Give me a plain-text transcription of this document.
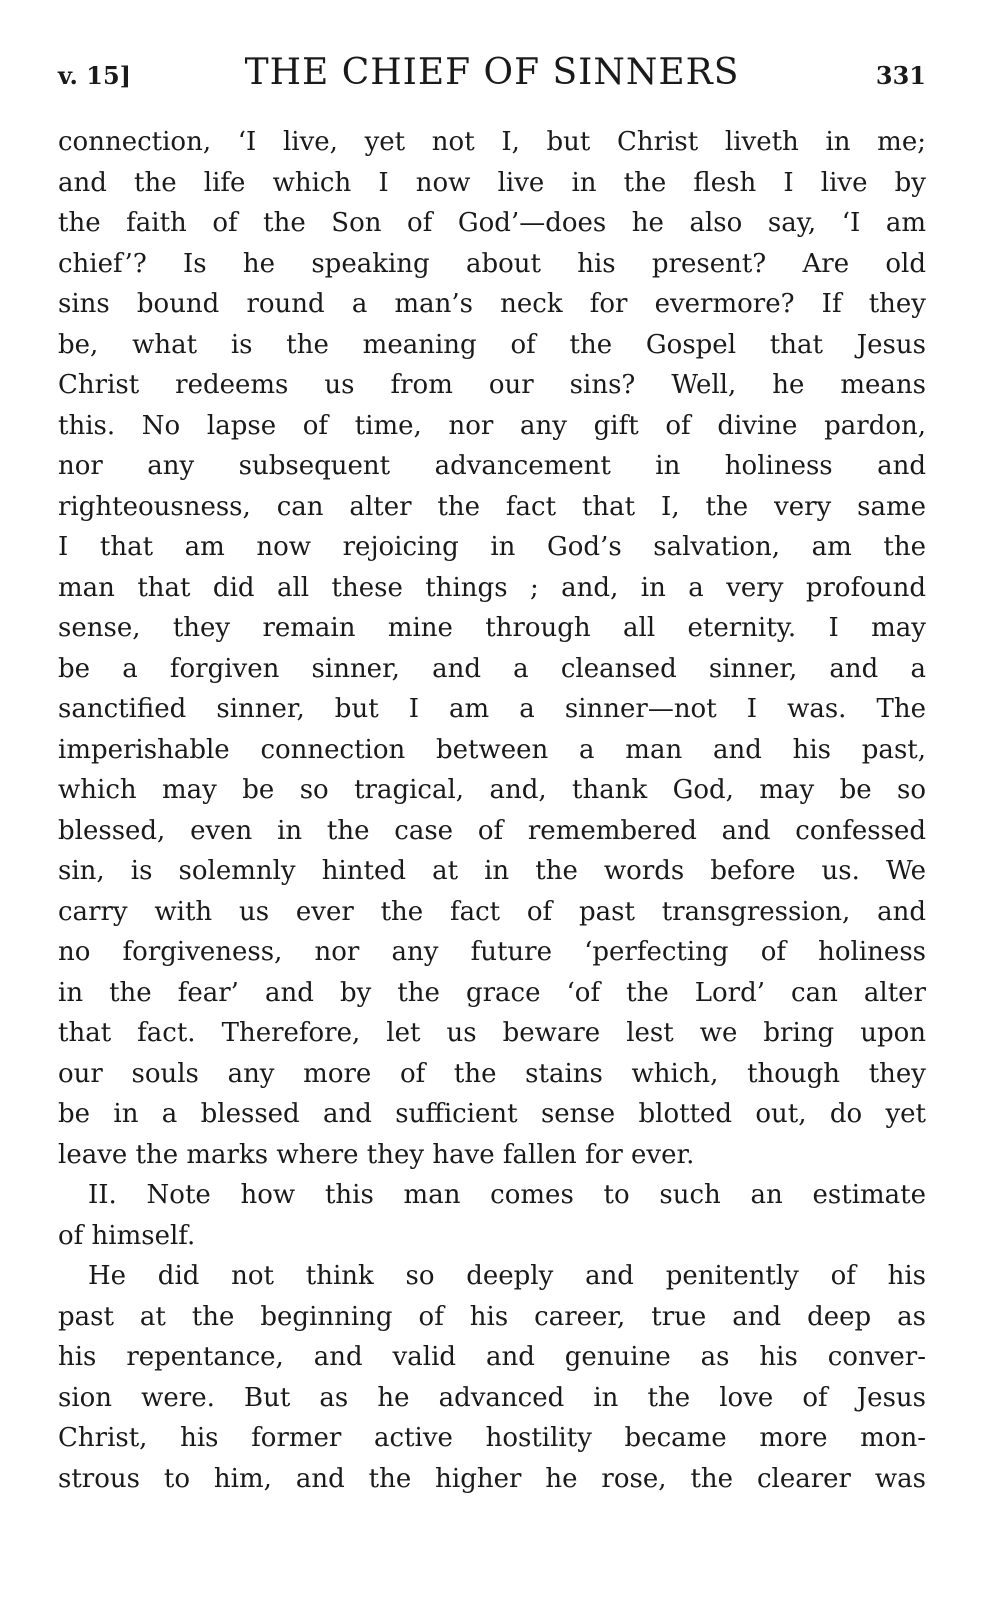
v. 15]	THE CHIEF OF SINNERS	331
connection, ‘I live, yet not I, but Christ liveth in me;
and the life which I now live in the flesh I live by
the faith of the Son of God’—does he also say, ‘I am
chief’? Is he speaking about his present? Are old
sins bound round a man’s neck for evermore? If they
be, what is the meaning of the Gospel that Jesus
Christ redeems us from our sins? Well, he means
this. No lapse of time, nor any gift of divine pardon,
nor any subsequent advancement in holiness and
righteousness, can alter the fact that I, the very same
I that am now rejoicing in God’s salvation, am the
man that did all these things ; and, in a very profound
sense, they remain mine through all eternity. I may
be a forgiven sinner, and a cleansed sinner, and a
sanctified sinner, but I am a sinner—not I was. The
imperishable connection between a man and his past,
which may be so tragical, and, thank God, may be so
blessed, even in the case of remembered and confessed
sin, is solemnly hinted at in the words before us. We
carry with us ever the fact of past transgression, and
no forgiveness, nor any future ‘perfecting of holiness
in the fear’ and by the grace ‘of the Lord’ can alter
that fact. Therefore, let us beware lest we bring upon
our souls any more of the stains which, though they
be in a blessed and sufficient sense blotted out, do yet
leave the marks where they have fallen for ever.
II. Note how this man comes to such an estimate
of himself.
He did not think so deeply and penitently of his
past at the beginning of his career, true and deep as
his repentance, and valid and genuine as his conver-
sion were. But as he advanced in the love of Jesus
Christ, his former active hostility became more mon-
strous to him, and the higher he rose, the clearer was
